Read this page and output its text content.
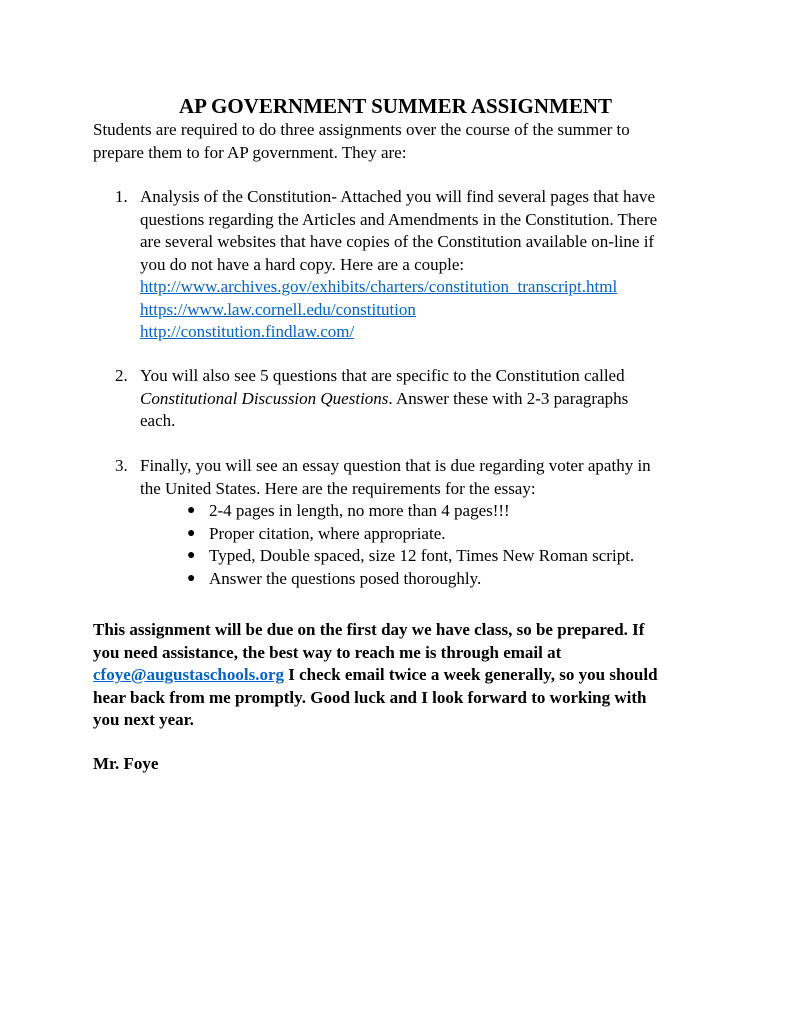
AP GOVERNMENT SUMMER ASSIGNMENT
Students are required to do three assignments over the course of the summer to
prepare them to for AP government. They are:
1. Analysis of the Constitution- Attached you will find several pages that have
questions regarding the Articles and Amendments in the Constitution. There
are several websites that have copies of the Constitution available on-line if
you do not have a hard copy. Here are a couple:
http://www.archives.gov/exhibits/charters/constitution_transcript.html
https://www.law.cornell.edu/constitution
http://constitution.findlaw.com/
2. You will also see 5 questions that are specific to the Constitution called
Constitutional Discussion Questions. Answer these with 2-3 paragraphs
each.
3. Finally, you will see an essay question that is due regarding voter apathy in
the United States. Here are the requirements for the essay:
● 2-4 pages in length, no more than 4 pages!!!
● Proper citation, where appropriate.
● Typed, Double spaced, size 12 font, Times New Roman script.
● Answer the questions posed thoroughly.
This assignment will be due on the first day we have class, so be prepared. If
you need assistance, the best way to reach me is through email at
cfoye@augustaschools.org I check email twice a week generally, so you should
hear back from me promptly. Good luck and I look forward to working with
you next year.
Mr. Foye
